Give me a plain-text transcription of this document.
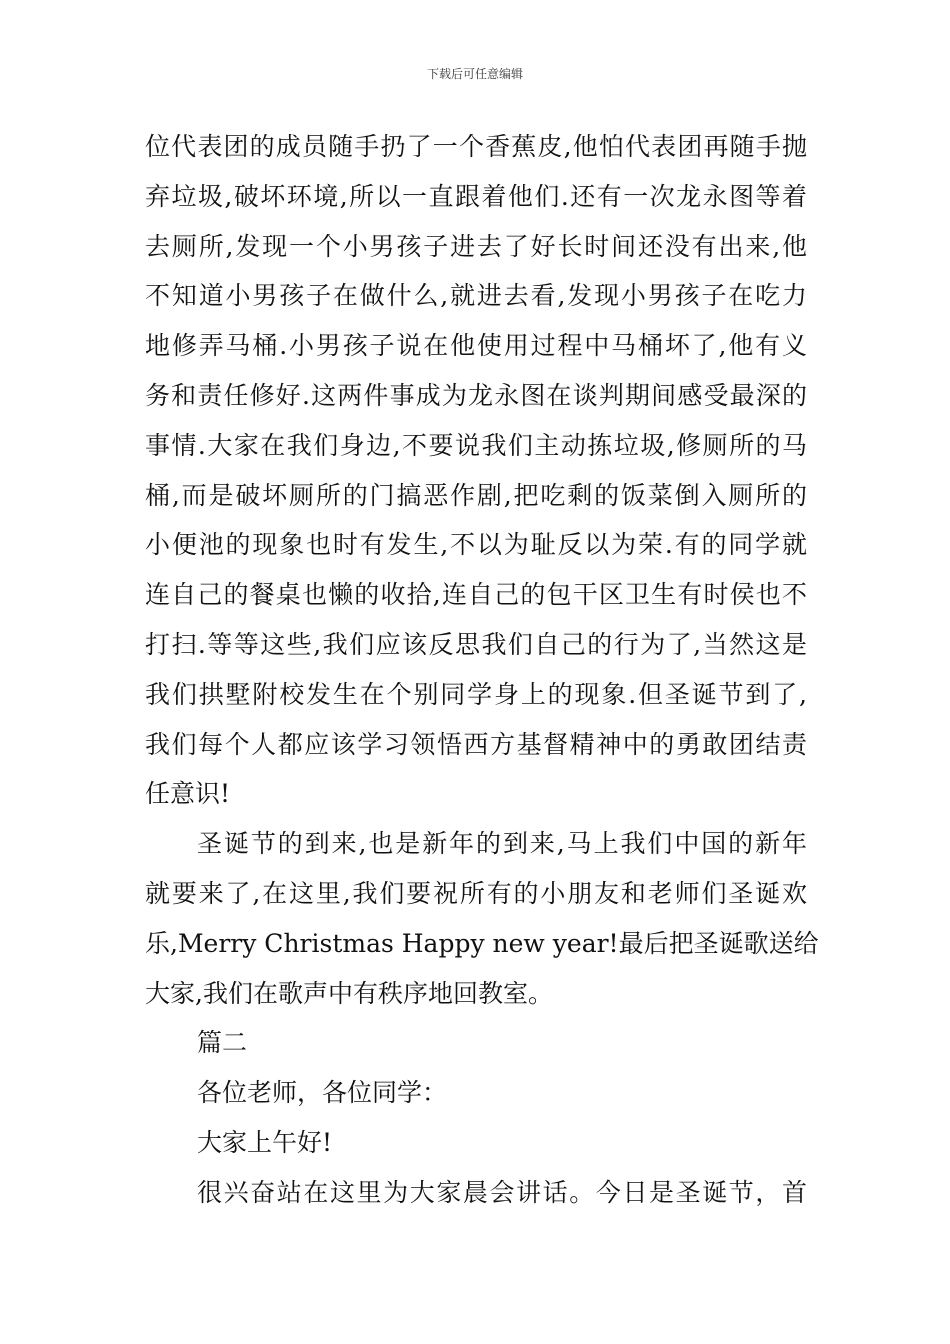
下载后可任意编辑
位代表团的成员随手扔了一个香蕉皮,他怕代表团再随手抛
弃垃圾,破坏环境,所以一直跟着他们.还有一次龙永图等着
去厕所,发现一个小男孩子进去了好长时间还没有出来,他
不知道小男孩子在做什么,就进去看,发现小男孩子在吃力
地修弄马桶.小男孩子说在他使用过程中马桶坏了,他有义
务和责任修好.这两件事成为龙永图在谈判期间感受最深的
事情.大家在我们身边,不要说我们主动拣垃圾,修厕所的马
桶,而是破坏厕所的门搞恶作剧,把吃剩的饭菜倒入厕所的
小便池的现象也时有发生,不以为耻反以为荣.有的同学就
连自己的餐桌也懒的收拾,连自己的包干区卫生有时侯也不
打扫.等等这些,我们应该反思我们自己的行为了,当然这是
我们拱墅附校发生在个别同学身上的现象.但圣诞节到了,
我们每个人都应该学习领悟西方基督精神中的勇敢团结责
任意识!
圣诞节的到来,也是新年的到来,马上我们中国的新年
就要来了,在这里,我们要祝所有的小朋友和老师们圣诞欢
乐,Merry Christmas Happy new year!最后把圣诞歌送给
大家,我们在歌声中有秩序地回教室。
篇二
各位老师，各位同学：
大家上午好!
很兴奋站在这里为大家晨会讲话。今日是圣诞节，首
